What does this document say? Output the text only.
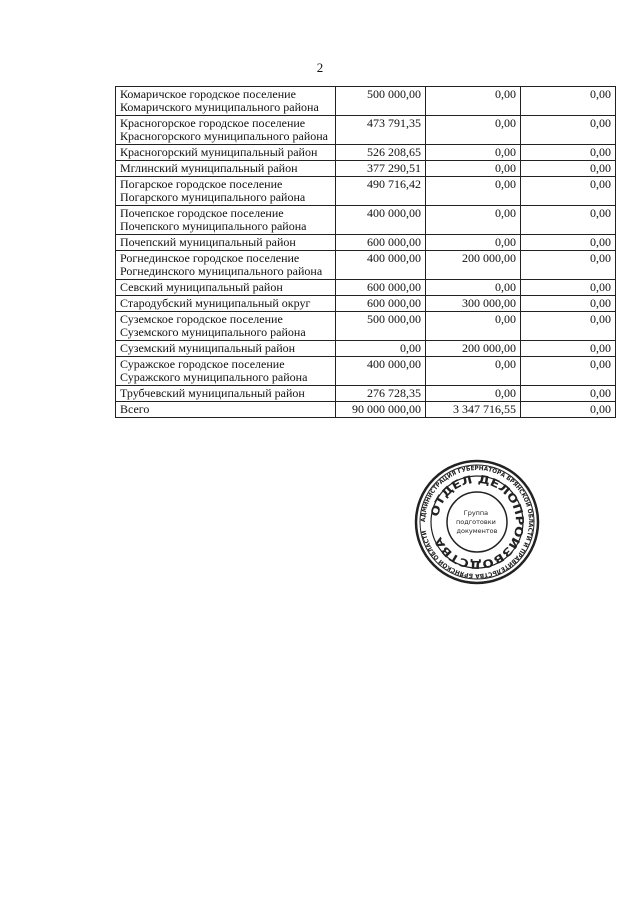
2
Комаричское городское поселение Комаричского муниципального района	500 000,00	0,00	0,00
Красногорское городское поселение Красногорского муниципального района	473 791,35	0,00	0,00
Красногорский муниципальный район	526 208,65	0,00	0,00
Мглинский муниципальный район	377 290,51	0,00	0,00
Погарское городское поселение Погарского муниципального района	490 716,42	0,00	0,00
Почепское городское поселение Почепского муниципального района	400 000,00	0,00	0,00
Почепский муниципальный район	600 000,00	0,00	0,00
Рогнединское городское поселение Рогнединского муниципального района	400 000,00	200 000,00	0,00
Севский муниципальный район	600 000,00	0,00	0,00
Стародубский муниципальный округ	600 000,00	300 000,00	0,00
Суземское городское поселение Суземского муниципального района	500 000,00	0,00	0,00
Суземский муниципальный район	0,00	200 000,00	0,00
Суражское городское поселение Суражского муниципального района	400 000,00	0,00	0,00
Трубчевский муниципальный район	276 728,35	0,00	0,00
Всего	90 000 000,00	3 347 716,55	0,00
АДМИНИСТРАЦИЯ ГУБЕРНАТОРА БРЯНСКОЙ ОБЛАСТИ И ПРАВИТЕЛЬСТВА БРЯНСКОЙ ОБЛАСТИ
ОТДЕЛ ДЕЛОПРОИЗВОДСТВА
Группа подготовки документов
